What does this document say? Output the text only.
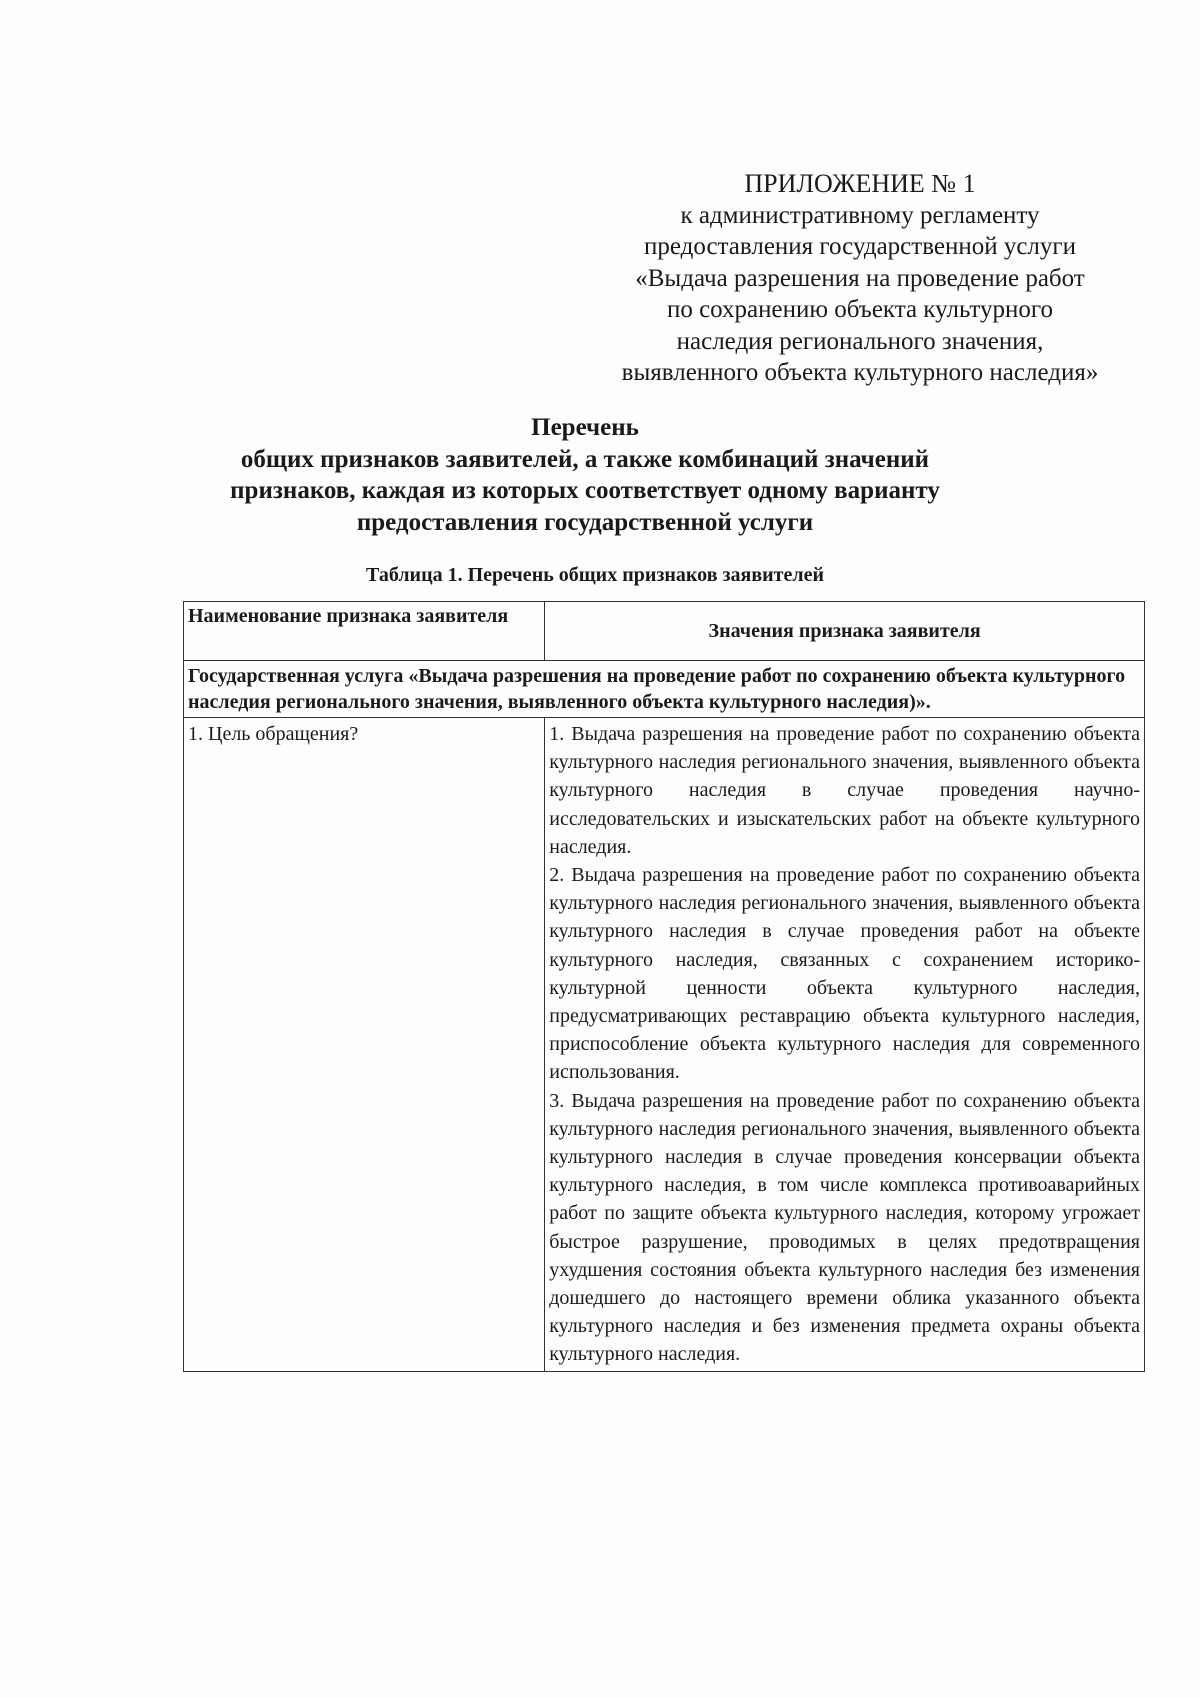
ПРИЛОЖЕНИЕ № 1
к административному регламенту
предоставления государственной услуги
«Выдача разрешения на проведение работ
по сохранению объекта культурного
наследия регионального значения,
выявленного объекта культурного наследия»
Перечень
общих признаков заявителей, а также комбинаций значений
признаков, каждая из которых соответствует одному варианту
предоставления государственной услуги
Таблица 1. Перечень общих признаков заявителей
Наименование признака заявителя	Значения признака заявителя
Государственная услуга «Выдача разрешения на проведение работ по сохранению объекта культурного наследия регионального значения, выявленного объекта культурного наследия)».	
1. Цель обращения?	1. Выдача разрешения на проведение работ по сохранению объекта культурного наследия регионального значения, выявленного объекта культурного наследия в случае проведения научно-исследовательских и изыскательских работ на объекте культурного наследия.

2. Выдача разрешения на проведение работ по сохранению объекта культурного наследия регионального значения, выявленного объекта культурного наследия в случае проведения работ на объекте культурного наследия, связанных с сохранением историко-культурной ценности объекта культурного наследия, предусматривающих реставрацию объекта культурного наследия, приспособление объекта культурного наследия для современного использования.

3. Выдача разрешения на проведение работ по сохранению объекта культурного наследия регионального значения, выявленного объекта культурного наследия в случае проведения консервации объекта культурного наследия, в том числе комплекса противоаварийных работ по защите объекта культурного наследия, которому угрожает быстрое разрушение, проводимых в целях предотвращения ухудшения состояния объекта культурного наследия без изменения дошедшего до настоящего времени облика указанного объекта культурного наследия и без изменения предмета охраны объекта культурного наследия.
